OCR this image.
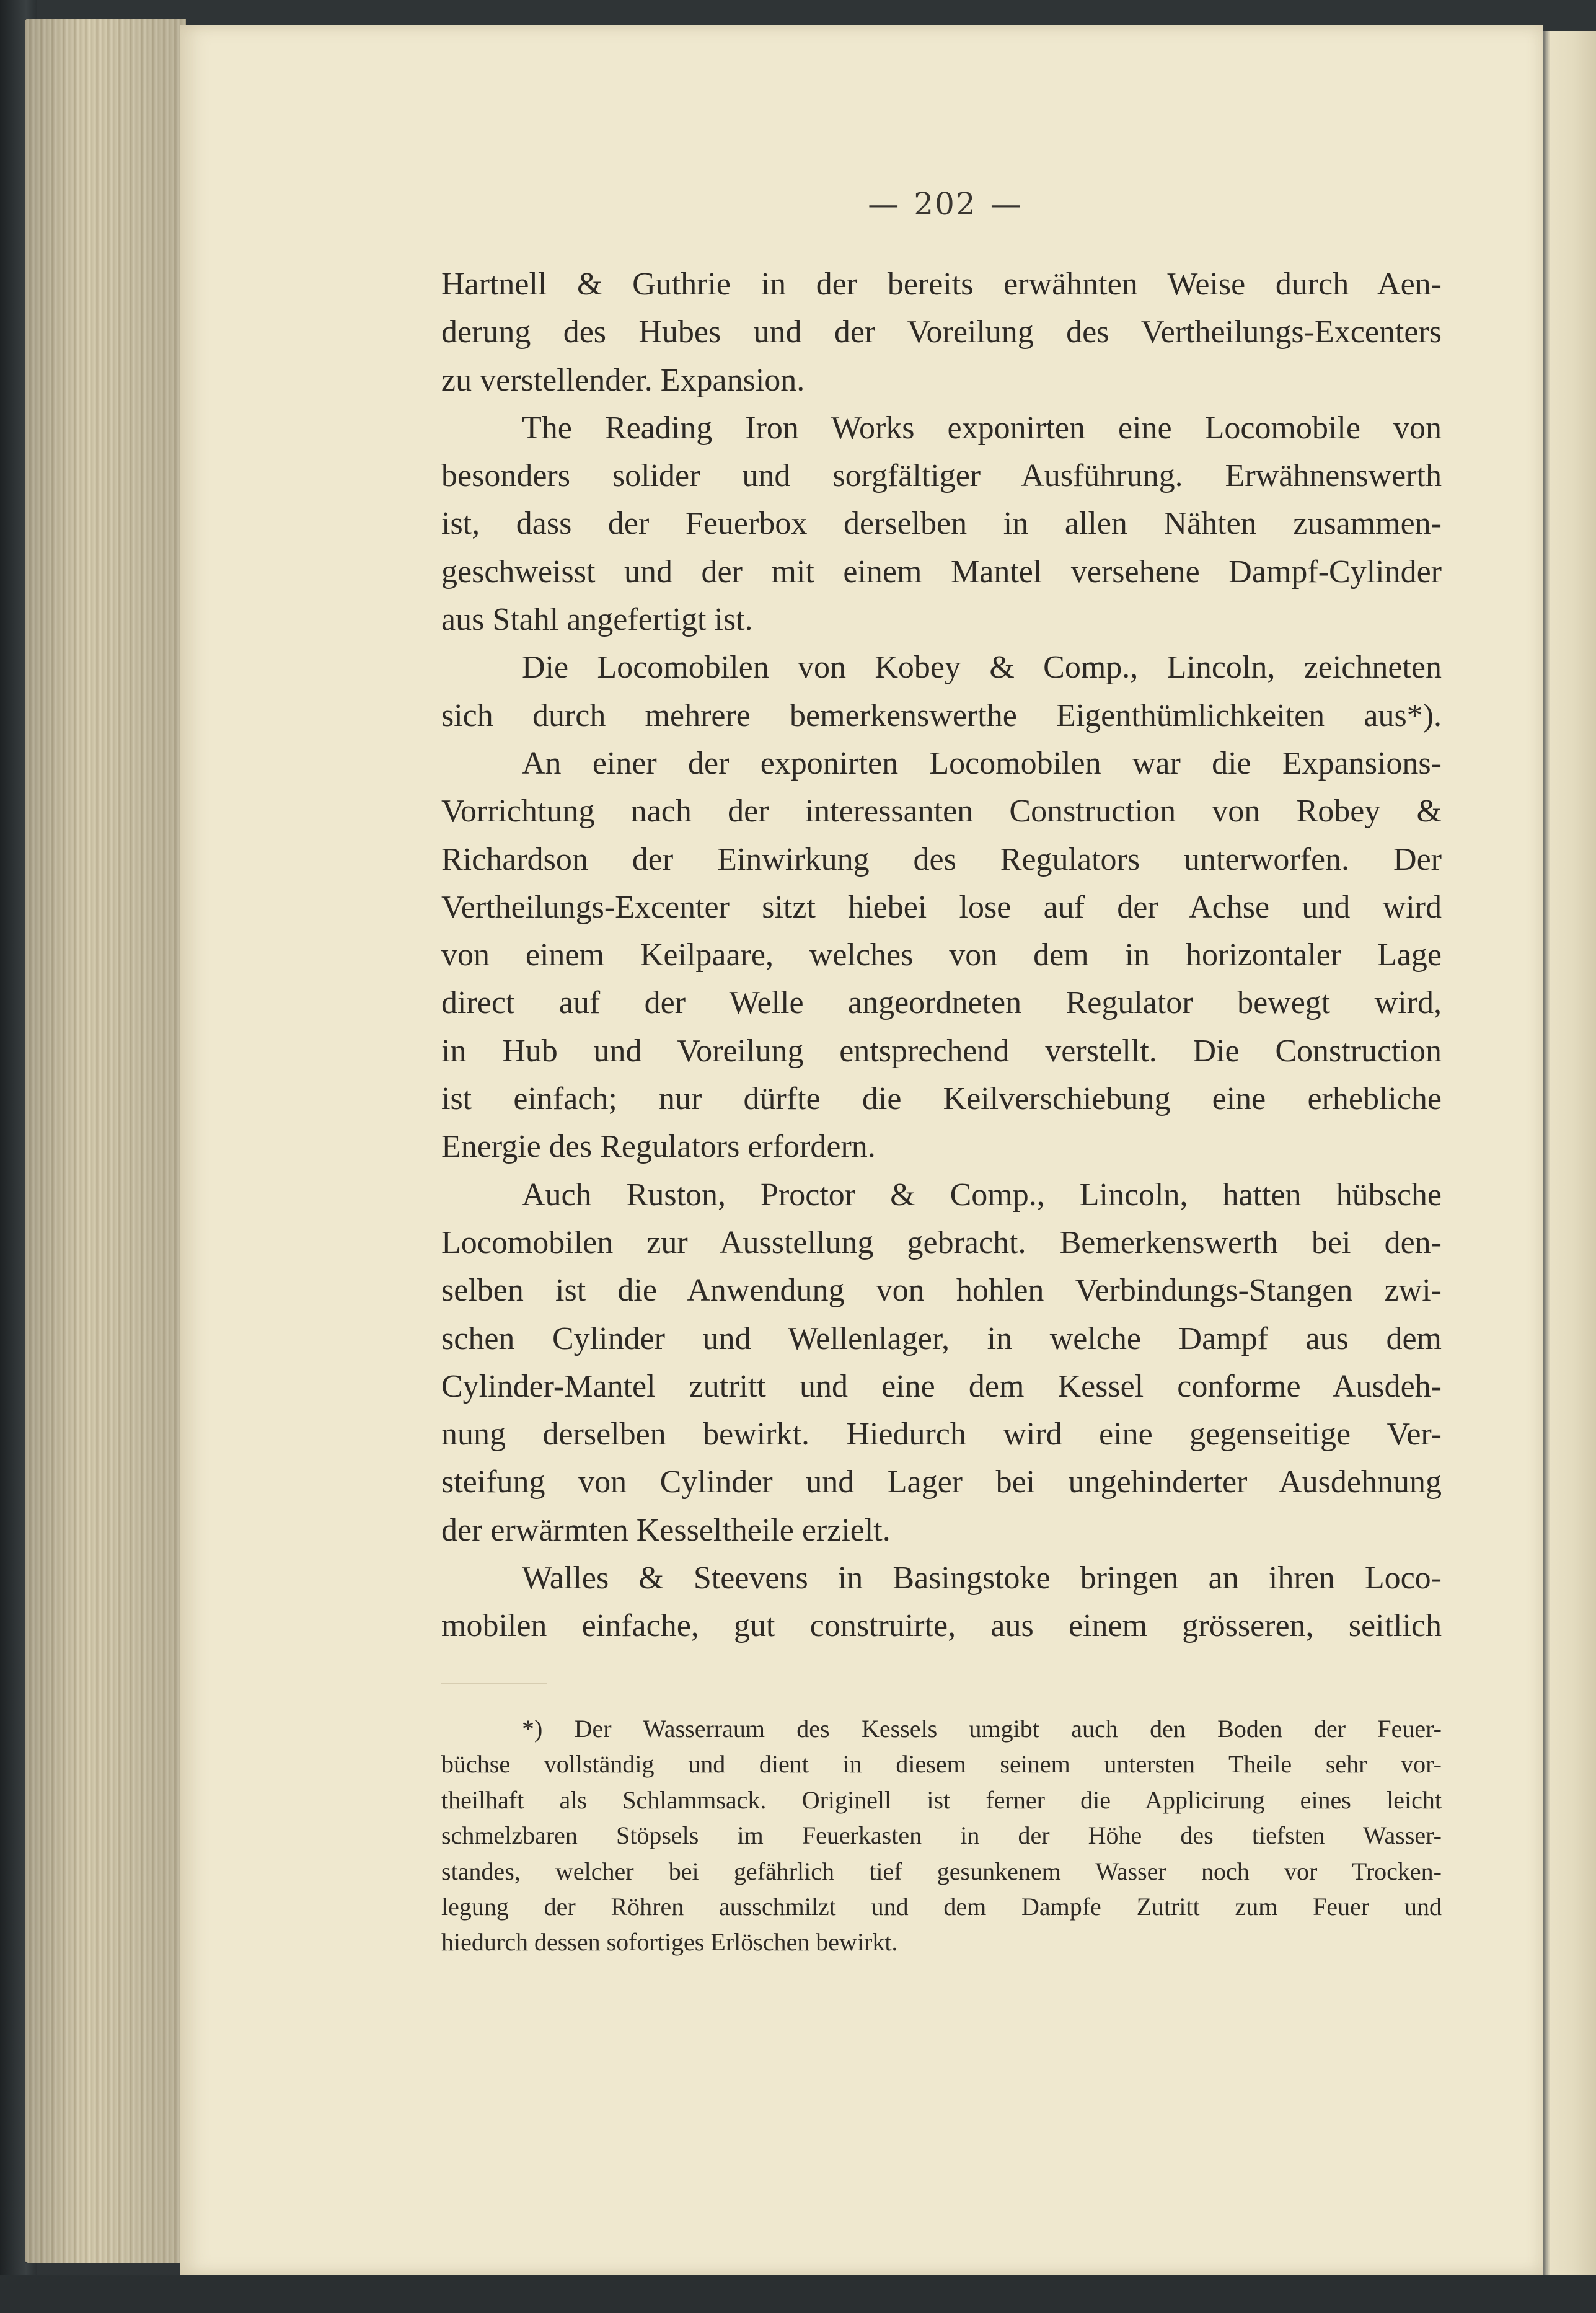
— 202 —

Hartnell & Guthrie in der bereits erwähnten Weise durch Aen-

derung des Hubes und der Voreilung des Vertheilungs-Excenters

zu verstellender. Expansion.

The Reading Iron Works exponirten eine Locomobile von

besonders solider und sorgfältiger Ausführung. Erwähnenswerth

ist, dass der Feuerbox derselben in allen Nähten zusammen-

geschweisst und der mit einem Mantel versehene Dampf-Cylinder

aus Stahl angefertigt ist.

Die Locomobilen von Kobey & Comp., Lincoln, zeichneten

sich durch mehrere bemerkenswerthe Eigenthümlichkeiten aus*).

An einer der exponirten Locomobilen war die Expansions-

Vorrichtung nach der interessanten Construction von Robey &

Richardson der Einwirkung des Regulators unterworfen. Der

Vertheilungs-Excenter sitzt hiebei lose auf der Achse und wird

von einem Keilpaare, welches von dem in horizontaler Lage

direct auf der Welle angeordneten Regulator bewegt wird,

in Hub und Voreilung entsprechend verstellt. Die Construction

ist einfach; nur dürfte die Keilverschiebung eine erhebliche

Energie des Regulators erfordern.

Auch Ruston, Proctor & Comp., Lincoln, hatten hübsche

Locomobilen zur Ausstellung gebracht. Bemerkenswerth bei den-

selben ist die Anwendung von hohlen Verbindungs-Stangen zwi-

schen Cylinder und Wellenlager, in welche Dampf aus dem

Cylinder-Mantel zutritt und eine dem Kessel conforme Ausdeh-

nung derselben bewirkt. Hiedurch wird eine gegenseitige Ver-

steifung von Cylinder und Lager bei ungehinderter Ausdehnung

der erwärmten Kesseltheile erzielt.

Walles & Steevens in Basingstoke bringen an ihren Loco-

mobilen einfache, gut construirte, aus einem grösseren, seitlich

*) Der Wasserraum des Kessels umgibt auch den Boden der Feuer-

büchse vollständig und dient in diesem seinem untersten Theile sehr vor-

theilhaft als Schlammsack. Originell ist ferner die Applicirung eines leicht

schmelzbaren Stöpsels im Feuerkasten in der Höhe des tiefsten Wasser-

standes, welcher bei gefährlich tief gesunkenem Wasser noch vor Trocken-

legung der Röhren ausschmilzt und dem Dampfe Zutritt zum Feuer und

hiedurch dessen sofortiges Erlöschen bewirkt.
